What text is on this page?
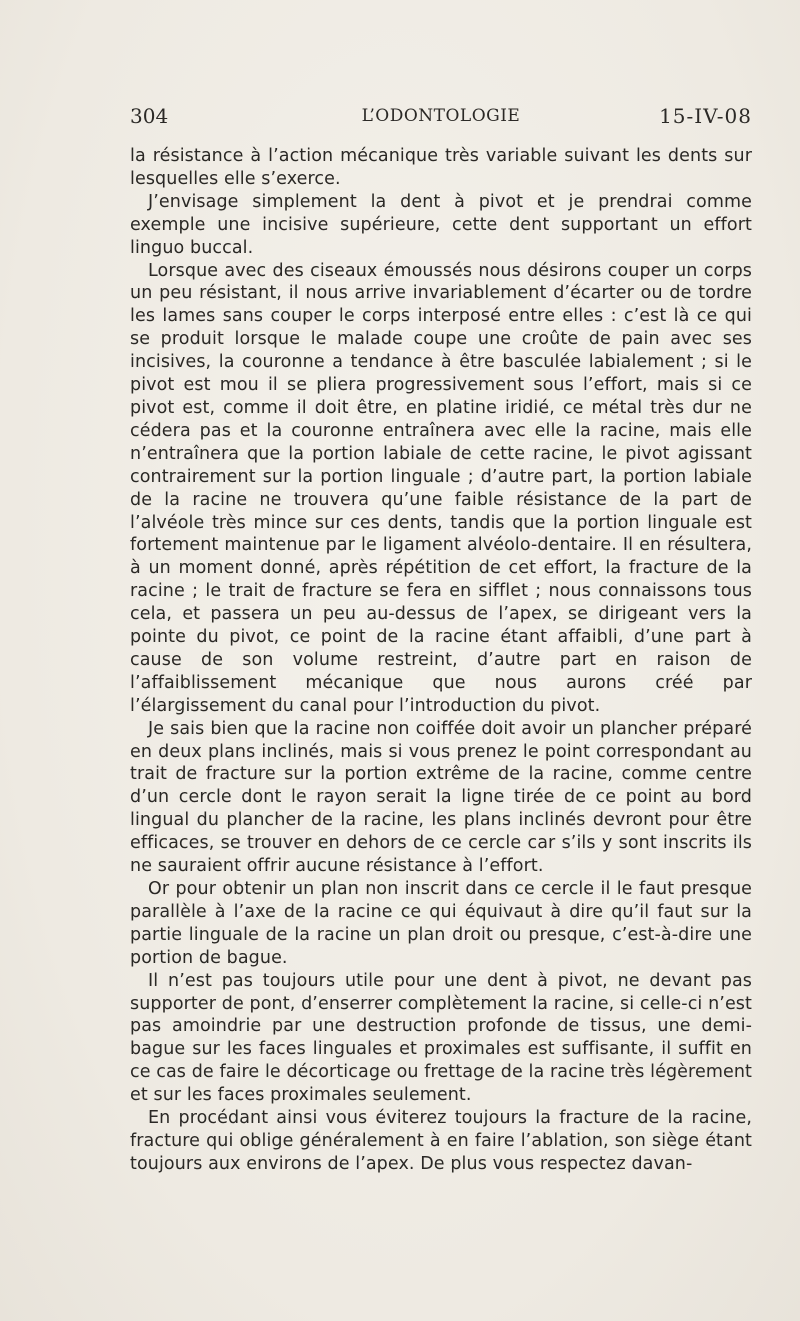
304	L’ODONTOLOGIE	15-IV-08

la résistance à l’action mécanique très variable suivant les dents sur lesquelles elle s’exerce.

J’envisage simplement la dent à pivot et je prendrai comme exemple une incisive supérieure, cette dent supportant un effort linguo buccal.

Lorsque avec des ciseaux émoussés nous désirons couper un corps un peu résistant, il nous arrive invariablement d’écarter ou de tordre les lames sans couper le corps interposé entre elles : c’est là ce qui se produit lorsque le malade coupe une croûte de pain avec ses incisives, la couronne a tendance à être basculée labialement ; si le pivot est mou il se pliera progressivement sous l’effort, mais si ce pivot est, comme il doit être, en platine iridié, ce métal très dur ne cédera pas et la couronne entraînera avec elle la racine, mais elle n’entraînera que la portion labiale de cette racine, le pivot agissant contrairement sur la portion linguale ; d’autre part, la portion labiale de la racine ne trouvera qu’une faible résistance de la part de l’alvéole très mince sur ces dents, tandis que la portion linguale est fortement maintenue par le ligament alvéolo-dentaire. Il en résultera, à un moment donné, après répétition de cet effort, la fracture de la racine ; le trait de fracture se fera en sifflet ; nous connaissons tous cela, et passera un peu au-dessus de l’apex, se dirigeant vers la pointe du pivot, ce point de la racine étant affaibli, d’une part à cause de son volume restreint, d’autre part en raison de l’affaiblissement mécanique que nous aurons créé par l’élargissement du canal pour l’introduction du pivot.

Je sais bien que la racine non coiffée doit avoir un plancher préparé en deux plans inclinés, mais si vous prenez le point correspondant au trait de fracture sur la portion extrême de la racine, comme centre d’un cercle dont le rayon serait la ligne tirée de ce point au bord lingual du plancher de la racine, les plans inclinés devront pour être efficaces, se trouver en dehors de ce cercle car s’ils y sont inscrits ils ne sauraient offrir aucune résistance à l’effort.

Or pour obtenir un plan non inscrit dans ce cercle il le faut presque parallèle à l’axe de la racine ce qui équivaut à dire qu’il faut sur la partie linguale de la racine un plan droit ou presque, c’est-à-dire une portion de bague.

Il n’est pas toujours utile pour une dent à pivot, ne devant pas supporter de pont, d’enserrer complètement la racine, si celle-ci n’est pas amoindrie par une destruction profonde de tissus, une demi-bague sur les faces linguales et proximales est suffisante, il suffit en ce cas de faire le décorticage ou frettage de la racine très légèrement et sur les faces proximales seulement.

En procédant ainsi vous éviterez toujours la fracture de la racine, fracture qui oblige généralement à en faire l’ablation, son siège étant toujours aux environs de l’apex. De plus vous respectez davan-
